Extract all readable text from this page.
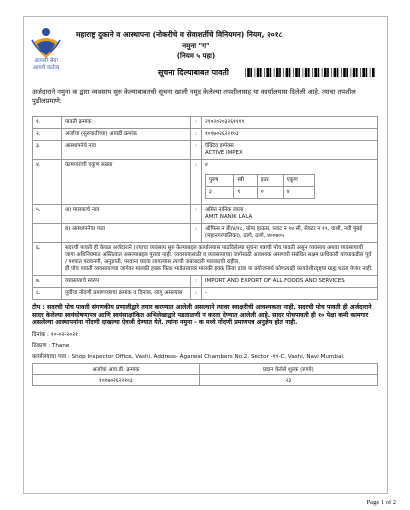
आपली सेवा
आमचे कर्तव्य
महाराष्ट्र दुकाने व आस्थापना (नोकरीचे व सेवाशर्तीचे विनियमन) नियम, २०१८
नमुना "ग"
(नियम ५ पहा)
सूचना दिल्याबाबत पावती
अर्जदाराने नमुना क द्वारा व्यवसाय सुरु केल्याबाबतची सूचना खाली नमूद केलेल्या तपशीलासह या कार्यालयास दिलेली आहे. त्याचा तपशील पुढीलप्रमाणे:
१.	पावती क्रमांक	:	२१०२०२०३२६११११
२.	अर्जाचा (सुरुवातीच्या) आयडी क्रमांक	:	१०१७०२६२२१०३
३.	आस्थापनेचे नाव	:	ऍक्टिव इम्पेक्स
ACTIVE IMPEX

४.	कामगारांची एकूण संख्या	:	४
पुरुष	स्त्री	इतर	एकूण
३	१	०	४

५.	अ) मालकाचे नाव	:	अमित नानिक लाला
AMIT NANIK LALA

	ब) आस्थापनेचा पत्ता	:	ऑफिस न बी/४/१८, ग्रोमा हाऊस, प्लाट न १४ सी, सेक्टर न १९, वाशी, नवी मुंबई (महानगरपालिका), ठाणे, ठाणे, ४००७०५
६.	सदरची पावती ही केवळ अर्जदाराने (ज्याचा व्यवसाय सुरु केल्याबद्दल कार्यालयास पाठविलेल्या सूचना पत्राची पोच पावती असुन व्यवसाय अथवा व्यवसायाची जागा अधिनियमात अस्तित्वात असल्याबद्दल पुरावा नाही. व्यवसायासाठी व व्यवसायाच्या जागेसाठी आवश्यक असणारी संबंधित सक्षम प्राधिकारी यांच्याकडील पूर्व / पश्चात परवानगी, अनुज्ञप्ती, परवाना घ्यावा लागल्यास त्याची जबाबदारी मालकाची राहील.
हीे पोच पावती व्यवसायाच्या जागेवर मालकी हक्क किंवा भाडेतत्त्वावर मालकी हक्क किंवा दावा या प्रयोजनार्थ कोणत्याही कायदेशीरदृष्ट्या ग्राह्य धरता येणार नाही.

७.	व्यवसायाचे स्वरुप	:	IMPORT AND EXPORT OF ALL FOODS AND SERVICES
८.	पूर्वीचा नोंदणी प्रमाणपत्राचा क्रमांक व दिनांक, लागू असल्यास	:	-
टीप : सदरची पोच पावती संगणकीय प्रणालीद्वारे तयार करण्यात आलेली असल्याने त्यावर स्वाक्षरीची आवश्यकता नाही. सदरची पोच पावती ही अर्जदाराने सादर केलेल्या स्वयंघोषणापत्र आणि स्वयंसाक्षांकित अभिलेखाद्वारे पडताळणी न करता देण्यात आलेली आहे. सादर पोचपावती ही १० पेक्षा कमी कामगार असलेल्या आस्थापनांना नोंदणी दाखल्या ऐवजी देण्यात येते. त्यांना नमुना - क मध्ये नोंदणी प्रमाणपत्र अनुज्ञेय होत नाही.
दिनांक : १०-०२-२०२१
ठिकाण : Thane
कार्यालयाचा पत्ता : Shop Inspector Office, Vashi, Address- Agarwal Chambers No.2, Sector -१९-C, Vashi, Navi Mumbai.
अर्जाचा आय.डी. क्रमांक	प्रदान केलेले शुल्क (रुपये)
१०१७०२६२२१०३	२३
Page 1 of 2
